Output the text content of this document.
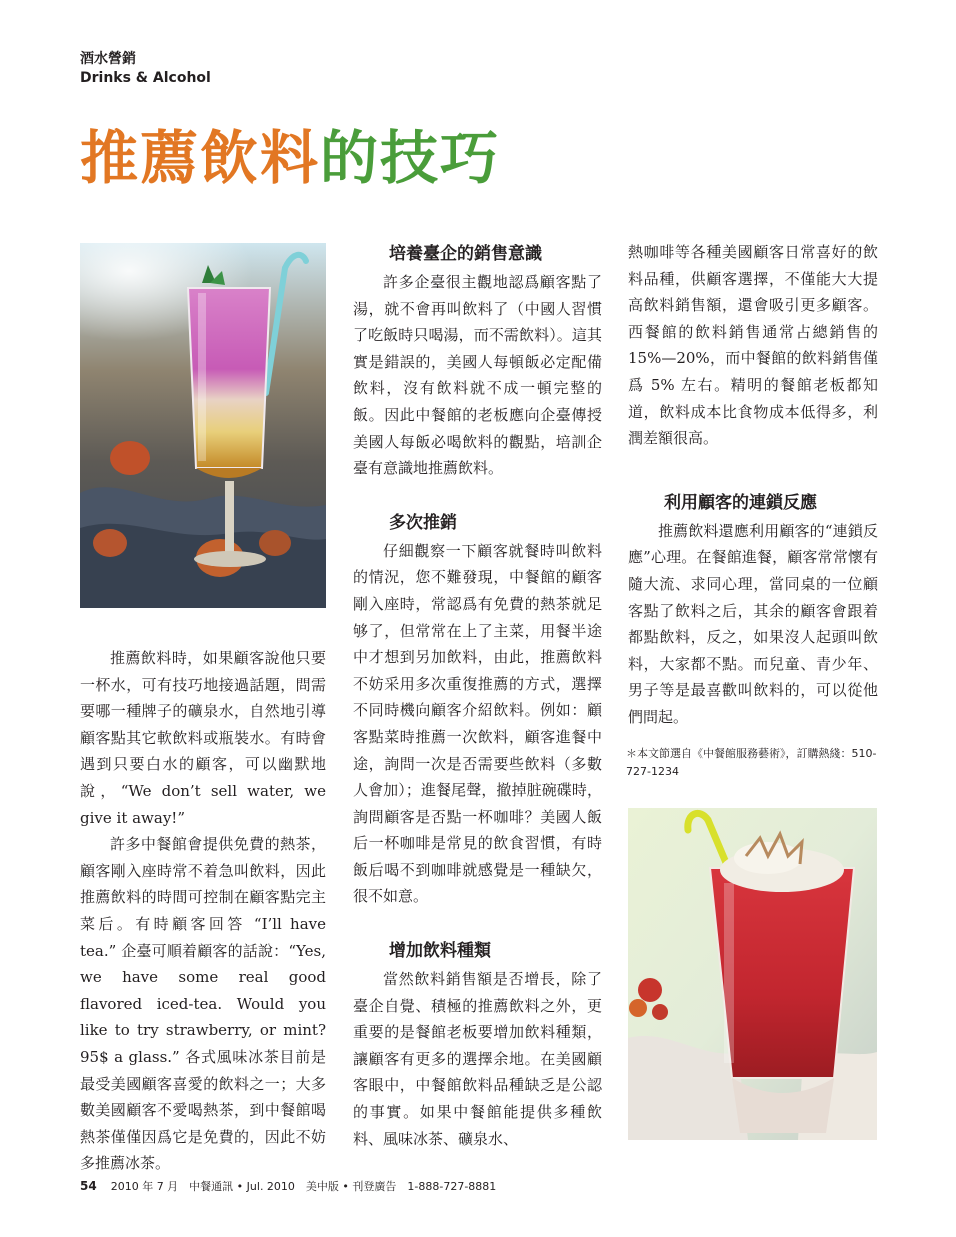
酒水營銷
Drinks & Alcohol
推薦飲料的技巧

推薦飲料時，如果顧客說他只要一杯水，可有技巧地接過話題，問需要哪一種牌子的礦泉水，自然地引導顧客點其它軟飲料或瓶裝水。有時會遇到只要白水的顧客，可以幽默地說，“We don’t sell water, we give it away!”

許多中餐館會提供免費的熱茶，顧客剛入座時常不着急叫飲料，因此推薦飲料的時間可控制在顧客點完主菜后。有時顧客回答 “I’ll have tea.” 企臺可順着顧客的話說：“Yes, we have some real good flavored iced-tea. Would you like to try strawberry, or mint? 95$ a glass.” 各式風味冰茶目前是最受美國顧客喜愛的飲料之一；大多數美國顧客不愛喝熱茶，到中餐館喝熱茶僅僅因爲它是免費的，因此不妨多推薦冰茶。

培養臺企的銷售意識

許多企臺很主觀地認爲顧客點了湯，就不會再叫飲料了（中國人習慣了吃飯時只喝湯，而不需飲料）。這其實是錯誤的，美國人每頓飯必定配備飲料，沒有飲料就不成一頓完整的飯。因此中餐館的老板應向企臺傳授美國人每飯必喝飲料的觀點，培訓企臺有意識地推薦飲料。

多次推銷

仔細觀察一下顧客就餐時叫飲料的情況，您不難發現，中餐館的顧客剛入座時，常認爲有免費的熱茶就足够了，但常常在上了主菜，用餐半途中才想到另加飲料，由此，推薦飲料不妨采用多次重復推薦的方式，選擇不同時機向顧客介紹飲料。例如：顧客點菜時推薦一次飲料，顧客進餐中途，詢問一次是否需要些飲料（多數人會加）；進餐尾聲，撤掉脏碗碟時，詢問顧客是否點一杯咖啡？美國人飯后一杯咖啡是常見的飲食習慣，有時飯后喝不到咖啡就感覺是一種缺欠，很不如意。

增加飲料種類

當然飲料銷售額是否增長，除了臺企自覺、積極的推薦飲料之外，更重要的是餐館老板要增加飲料種類，讓顧客有更多的選擇余地。在美國顧客眼中，中餐館飲料品種缺乏是公認的事實。如果中餐館能提供多種飲料、風味冰茶、礦泉水、

熱咖啡等各種美國顧客日常喜好的飲料品種，供顧客選擇，不僅能大大提高飲料銷售額，還會吸引更多顧客。西餐館的飲料銷售通常占總銷售的 15%—20%，而中餐館的飲料銷售僅爲 5% 左右。精明的餐館老板都知道，飲料成本比食物成本低得多，利潤差額很高。

利用顧客的連鎖反應

推薦飲料還應利用顧客的“連鎖反應”心理。在餐館進餐，顧客常常懷有隨大流、求同心理，當同桌的一位顧客點了飲料之后，其余的顧客會跟着都點飲料，反之，如果沒人起頭叫飲料，大家都不點。而兒童、青少年、男子等是最喜歡叫飲料的，可以從他們問起。

＊本文節選自《中餐館服務藝術》，訂購熱綫：510-727-1234
54 2010 年 7 月　中餐通訊 • Jul. 2010　美中版 • 刊登廣告　1-888-727-8881
